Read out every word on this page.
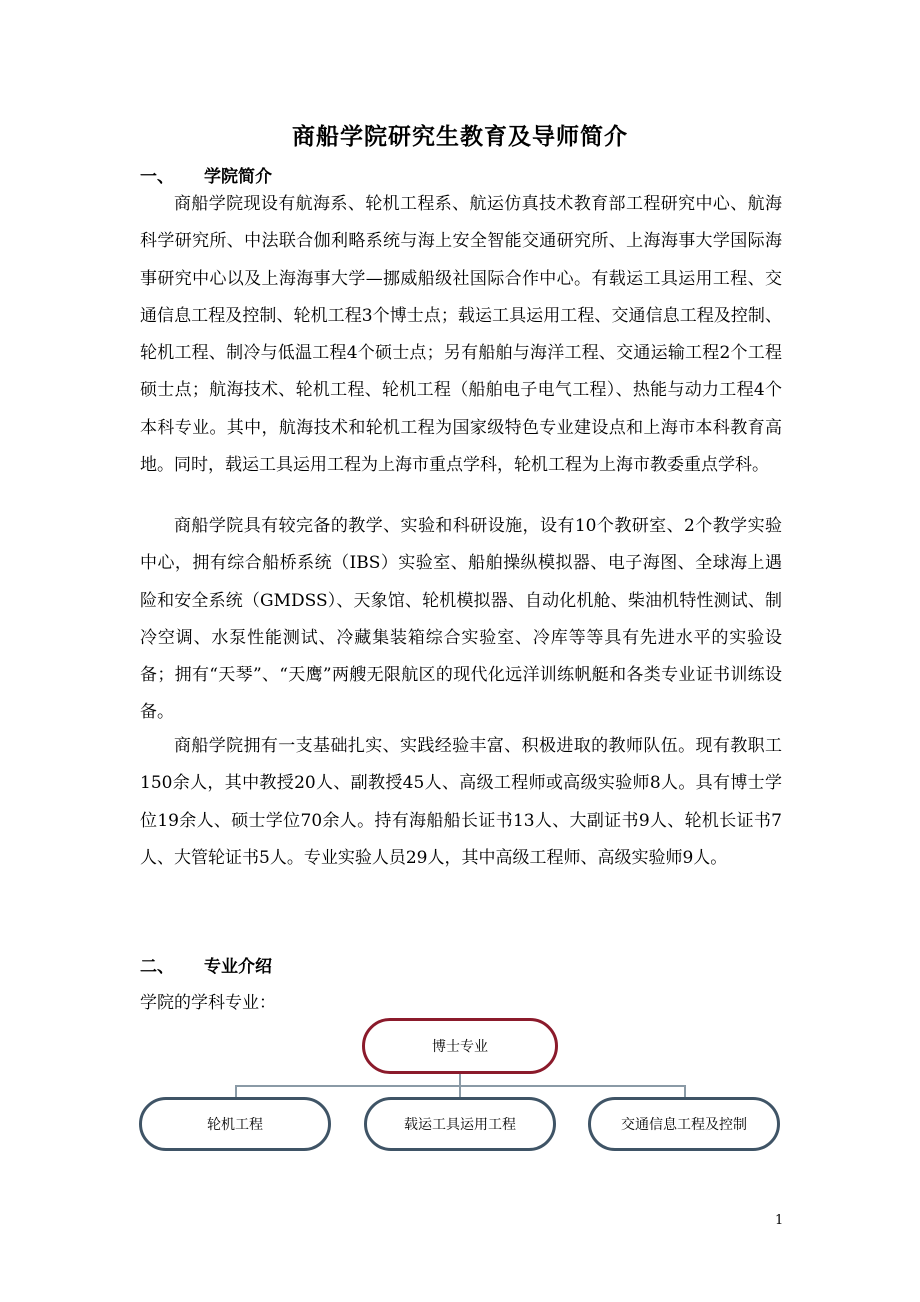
商船学院研究生教育及导师简介
一、	学院简介

商船学院现设有航海系、轮机工程系、航运仿真技术教育部工程研究中心、航海科学研究所、中法联合伽利略系统与海上安全智能交通研究所、上海海事大学国际海事研究中心以及上海海事大学—挪威船级社国际合作中心。有载运工具运用工程、交通信息工程及控制、轮机工程3个博士点；载运工具运用工程、交通信息工程及控制、轮机工程、制冷与低温工程4个硕士点；另有船舶与海洋工程、交通运输工程2个工程硕士点；航海技术、轮机工程、轮机工程（船舶电子电气工程）、热能与动力工程4个本科专业。其中，航海技术和轮机工程为国家级特色专业建设点和上海市本科教育高地。同时，载运工具运用工程为上海市重点学科，轮机工程为上海市教委重点学科。

商船学院具有较完备的教学、实验和科研设施，设有10个教研室、2个教学实验中心，拥有综合船桥系统（IBS）实验室、船舶操纵模拟器、电子海图、全球海上遇险和安全系统（GMDSS）、天象馆、轮机模拟器、自动化机舱、柴油机特性测试、制冷空调、水泵性能测试、冷藏集装箱综合实验室、冷库等等具有先进水平的实验设备；拥有“天琴”、“天鹰”两艘无限航区的现代化远洋训练帆艇和各类专业证书训练设备。

商船学院拥有一支基础扎实、实践经验丰富、积极进取的教师队伍。现有教职工150余人，其中教授20人、副教授45人、高级工程师或高级实验师8人。具有博士学位19余人、硕士学位70余人。持有海船船长证书13人、大副证书9人、轮机长证书7人、大管轮证书5人。专业实验人员29人，其中高级工程师、高级实验师9人。

二、	专业介绍

学院的学科专业：

博士专业
轮机工程	载运工具运用工程	交通信息工程及控制
1
